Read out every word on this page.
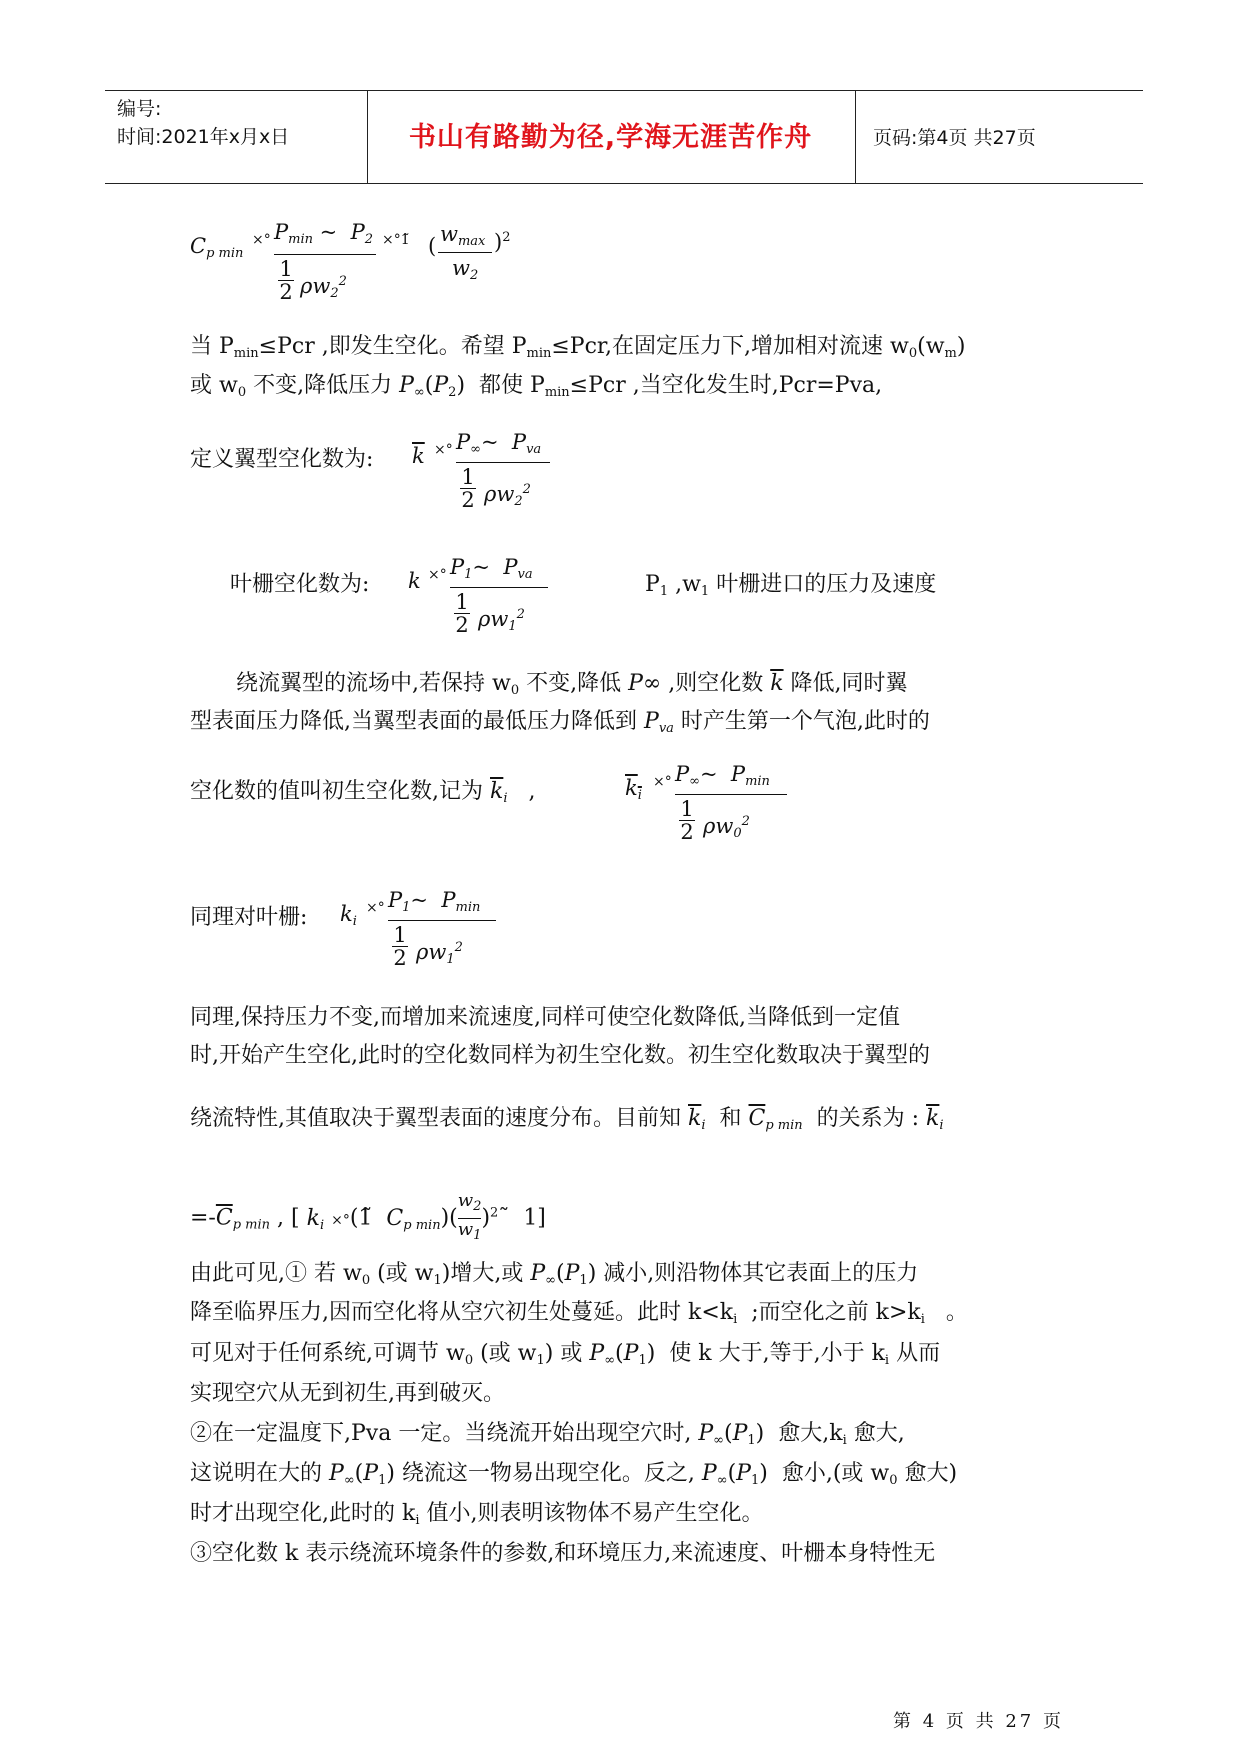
编号:
时间:2021年x月x日	书山有路勤为径,学海无涯苦作舟	页码:第4页 共27页
$C_{p min}$
×° $P_{min}$ ~  $P_2$
1
2 $\rho w_2^2$
×°1̃ ( $w_{max}$
$w_2$
)$^2$
当 $P_{min}\le Pcr$ ,即发生空化。希望 $P_{min}\le Pcr$,在固定压力下,增加相对流速 $w_0(w_m)$
或 $w_0$ 不变,降低压力 $P_\infty(P_2)$  都使 $P_{min}\le Pcr$ ,当空化发生时,Pcr=Pva,
定义翼型空化数为: $\overline{k}$ ×° $P_\infty\sim$  $P_{va}$
1
2 $\rho w_2^2$
叶栅空化数为: k ×° $P_1\sim$  $P_{va}$
1
2 $\rho w_1^2$
$P_1$ $,w_1$ 叶栅进口的压力及速度
绕流翼型的流场中,若保持 $w_0$ 不变,降低 P∞ ,则空化数 $\overline{k}$ 降低,同时翼
型表面压力降低,当翼型表面的最低压力降低到 $P_{va}$ 时产生第一个气泡,此时的
空化数的值叫初生空化数,记为 $\overline{k}_i$   ,	$k_i$
×° $P_\infty\sim$  $P_{min}$
1
2 $\rho w_0^2$
同理对叶栅: $k_i$
×° $P_1\sim$  $P_{min}$
1
2 $\rho w_1^2$
同理,保持压力不变,而增加来流速度,同样可使空化数降低,当降低到一定值
时,开始产生空化,此时的空化数同样为初生空化数。初生空化数取决于翼型的
绕流特性,其值取决于翼型表面的速度分布。目前知 $\overline{k}_i$  和 $\overline{C}_{p min}$  的关系为 : $\overline{k}_i$
$=-\overline{C}_{p min}$ , [ $k_i$ ×°(1̃  $C_{p min})( \frac{w_2}{w_1}$ )$^2˜$  1]
由此可见,① 若 $w_0$ (或 $w_1$)增大,或 $P_\infty(P_1)$ 减小,则沿物体其它表面上的压力
降至临界压力,因而空化将从空穴初生处蔓延。此时 $k<k_i$  ;而空化之前 $k>k_i$   。
可见对于任何系统,可调节 $w_0$ (或 $w_1$) 或 $P_\infty(P_1)$  使 k 大于,等于,小于 $k_i$ 从而
实现空穴从无到初生,再到破灭。
②在一定温度下,Pva 一定。当绕流开始出现空穴时, $P_\infty(P_1)$  愈大$,k_i$ 愈大,
这说明在大的 $P_\infty(P_1)$ 绕流这一物易出现空化。反之, $P_\infty(P_1)$  愈小,(或 $w_0$ 愈大)
时才出现空化,此时的 $k_i$ 值小,则表明该物体不易产生空化。
③空化数 k 表示绕流环境条件的参数,和环境压力,来流速度、叶栅本身特性无
第 4 页 共 27 页
